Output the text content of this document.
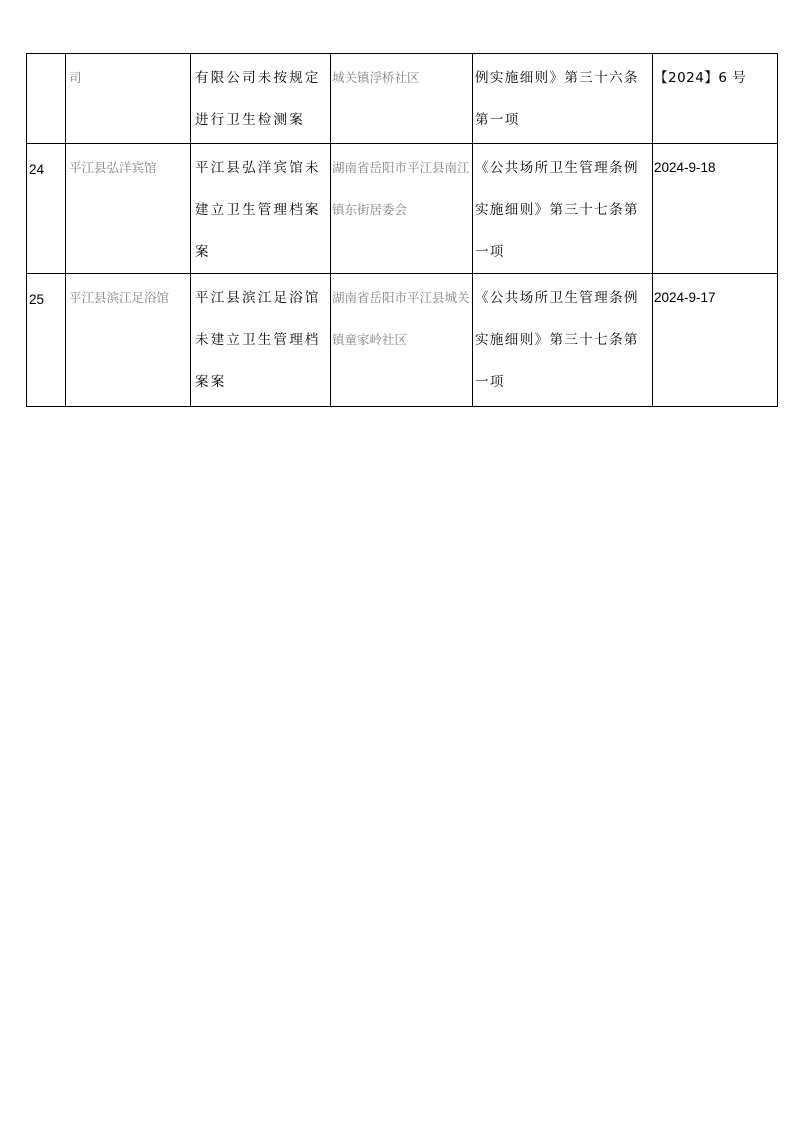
	司	有限公司未按规定进行卫生检测案	城关镇浮桥社区	例实施细则》第三十六条第一项	【2024】6 号

24	平江县弘洋宾馆	平江县弘洋宾馆未建立卫生管理档案案	湖南省岳阳市平江县南江镇东街居委会	《公共场所卫生管理条例实施细则》第三十七条第一项	2024-9-18

25	平江县滨江足浴馆	平江县滨江足浴馆未建立卫生管理档案案	湖南省岳阳市平江县城关镇童家岭社区	《公共场所卫生管理条例实施细则》第三十七条第一项	2024-9-17
